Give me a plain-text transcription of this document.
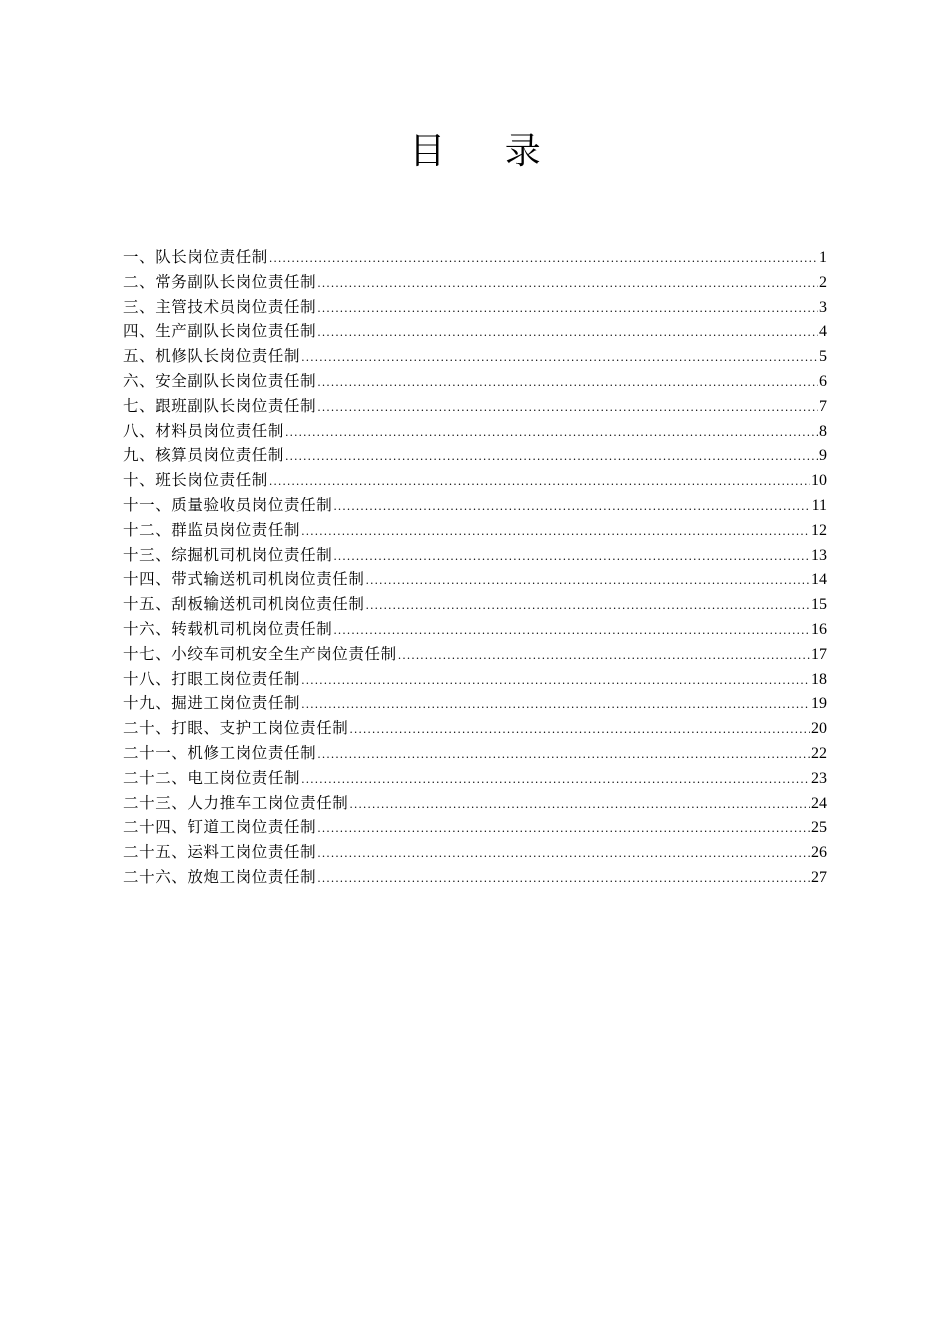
目 录
一、队长岗位责任制 .....	1
二、常务副队长岗位责任制 .....	2
三、主管技术员岗位责任制 .....	3
四、生产副队长岗位责任制 .....	4
五、机修队长岗位责任制 .....	5
六、安全副队长岗位责任制 .....	6
七、跟班副队长岗位责任制 .....	7
八、材料员岗位责任制 .....	8
九、核算员岗位责任制 .....	9
十、班长岗位责任制 .....	10
十一、质量验收员岗位责任制 .....	11
十二、群监员岗位责任制 .....	12
十三、综掘机司机岗位责任制 .....	13
十四、带式输送机司机岗位责任制 .....	14
十五、刮板输送机司机岗位责任制 .....	15
十六、转载机司机岗位责任制 .....	16
十七、小绞车司机安全生产岗位责任制 .....	17
十八、打眼工岗位责任制 .....	18
十九、掘进工岗位责任制 .....	19
二十、打眼、支护工岗位责任制 .....	20
二十一、机修工岗位责任制 .....	22
二十二、电工岗位责任制 .....	23
二十三、人力推车工岗位责任制 .....	24
二十四、钉道工岗位责任制 .....	25
二十五、运料工岗位责任制 .....	26
二十六、放炮工岗位责任制 .....	27
